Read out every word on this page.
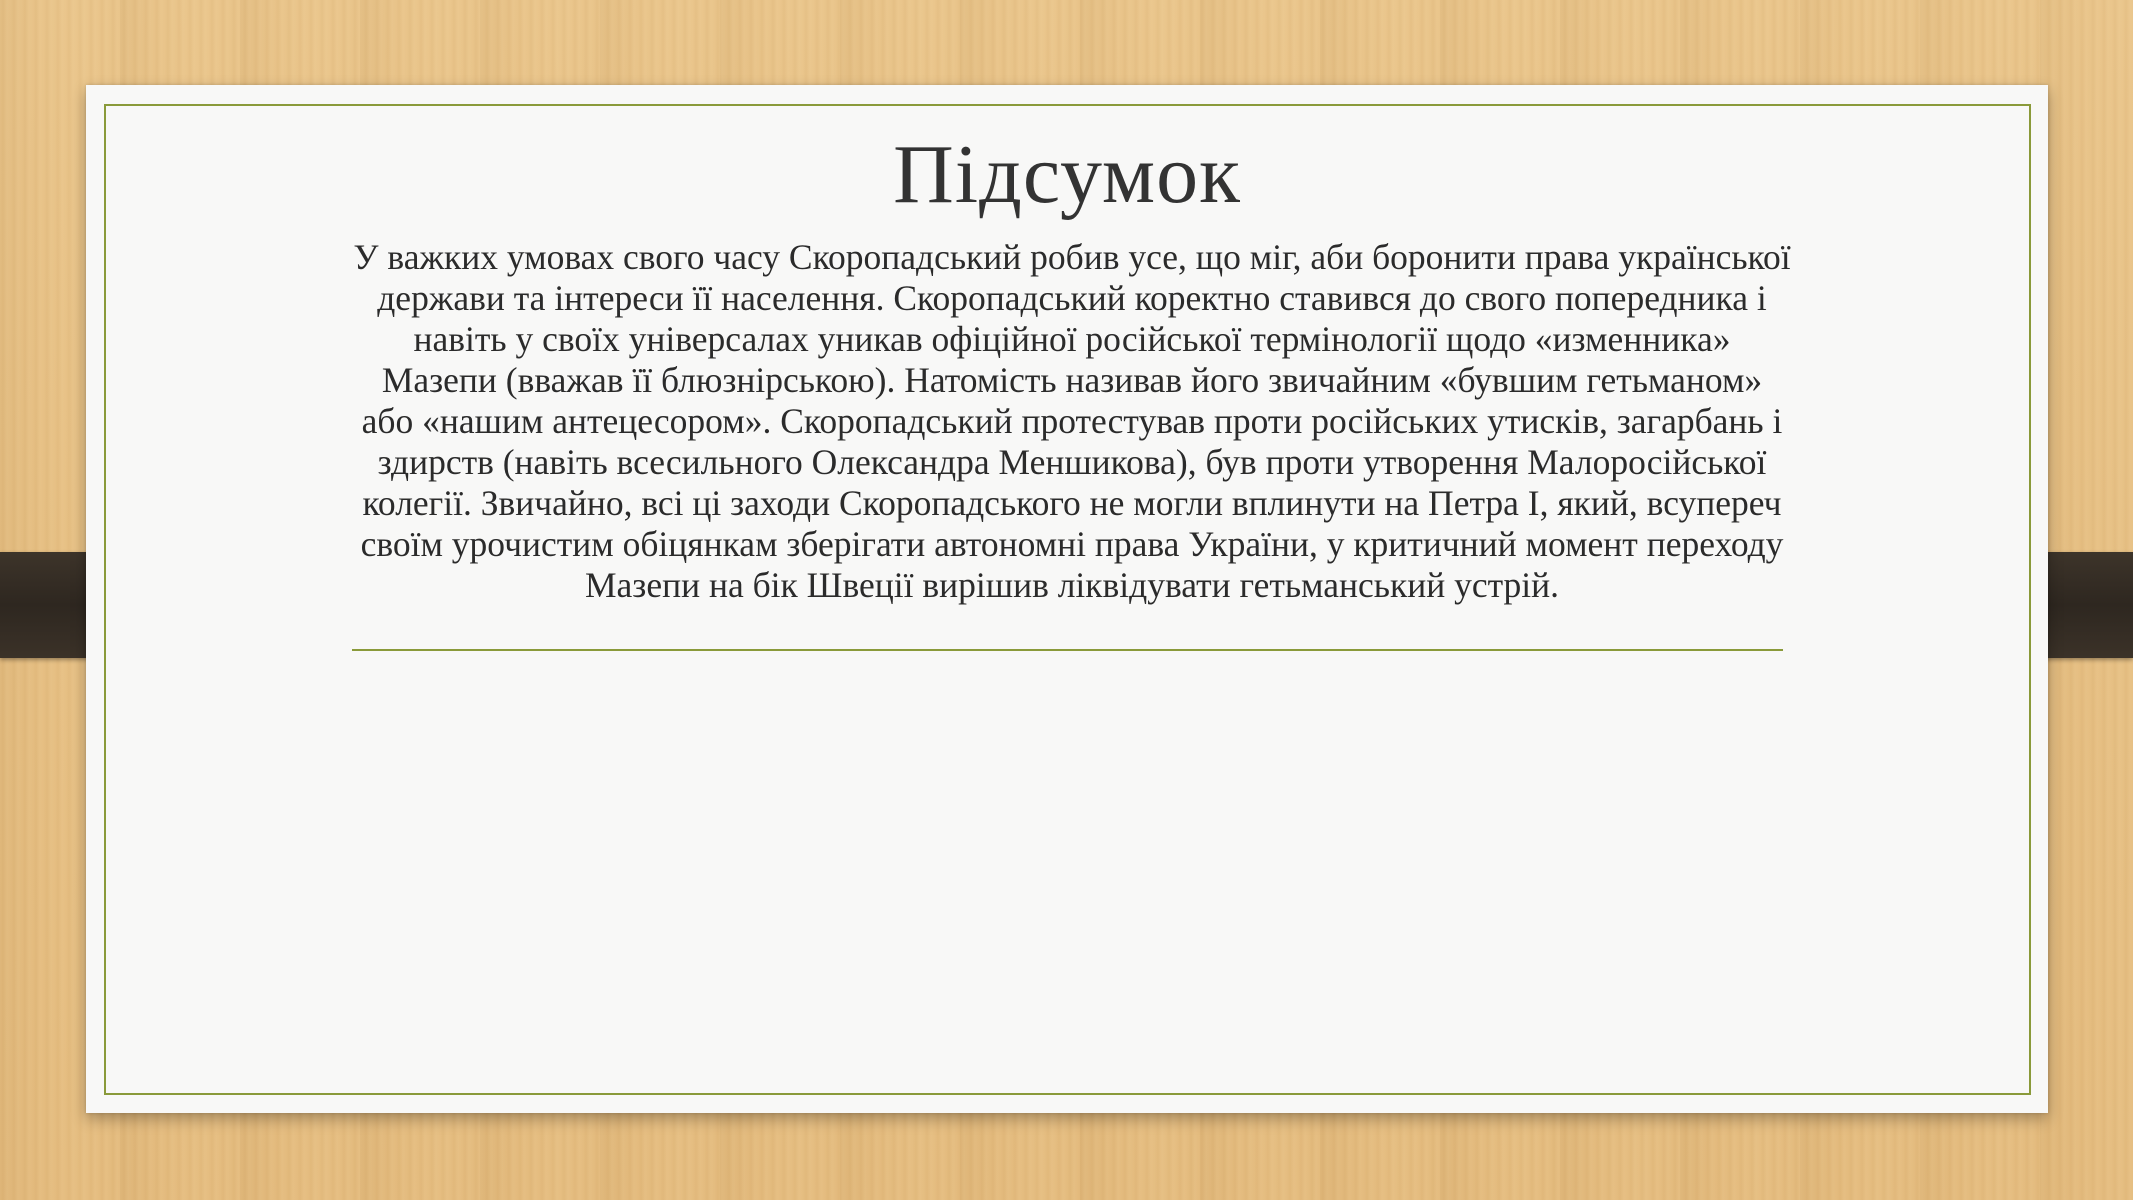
Підсумок

У важких умовах свого часу Скоропадський робив усе, що міг, аби боронити права української держави та інтереси її населення. Скоропадський коректно ставився до свого попередника і навіть у своїх універсалах уникав офіційної російської термінології щодо «изменника» Мазепи (вважав її блюзнірською). Натомість називав його звичайним «бувшим гетьманом» або «нашим антецесором». Скоропадський протестував проти російських утисків, загарбань і здирств (навіть всесильного Олександра Меншикова), був проти утворення Малоросійської колегії. Звичайно, всі ці заходи Скоропадського не могли вплинути на Петра І, який, всупереч своїм урочистим обіцянкам зберігати автономні права України, у критичний момент переходу Мазепи на бік Швеції вирішив ліквідувати гетьманський устрій.
